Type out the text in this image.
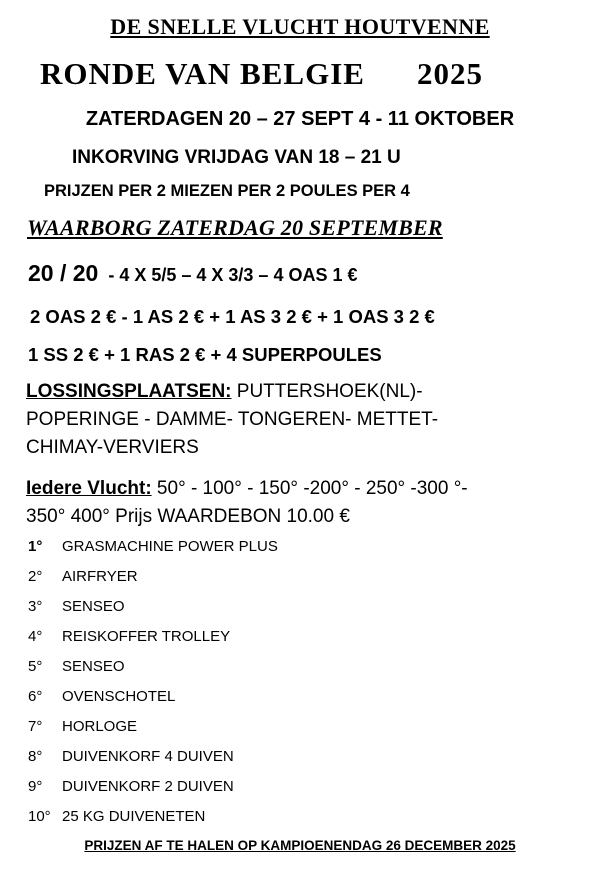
DE SNELLE VLUCHT HOUTVENNE
RONDE VAN BELGIE 2025
ZATERDAGEN 20 – 27 SEPT 4 - 11 OKTOBER
INKORVING VRIJDAG VAN 18 – 21 U
PRIJZEN PER 2 MIEZEN PER 2 POULES PER 4
WAARBORG ZATERDAG 20 SEPTEMBER
20 / 20 - 4 X 5/5 – 4 X 3/3 – 4 OAS 1 €
2 OAS 2 € - 1 AS 2 € + 1 AS 3 2 € + 1 OAS 3 2 €
1 SS 2 € + 1 RAS 2 € + 4 SUPERPOULES
LOSSINGSPLAATSEN: PUTTERSHOEK(NL)-
POPERINGE - DAMME- TONGEREN- METTET-
CHIMAY-VERVIERS
Iedere Vlucht: 50° - 100° - 150° -200° - 250° -300 °-
350° 400° Prijs WAARDEBON 10.00 €
1° GRASMACHINE POWER PLUS
2° AIRFRYER
3° SENSEO
4° REISKOFFER TROLLEY
5° SENSEO
6° OVENSCHOTEL
7° HORLOGE
8° DUIVENKORF 4 DUIVEN
9° DUIVENKORF 2 DUIVEN
10° 25 KG DUIVENETEN
PRIJZEN AF TE HALEN OP KAMPIOENENDAG 26 DECEMBER 2025
